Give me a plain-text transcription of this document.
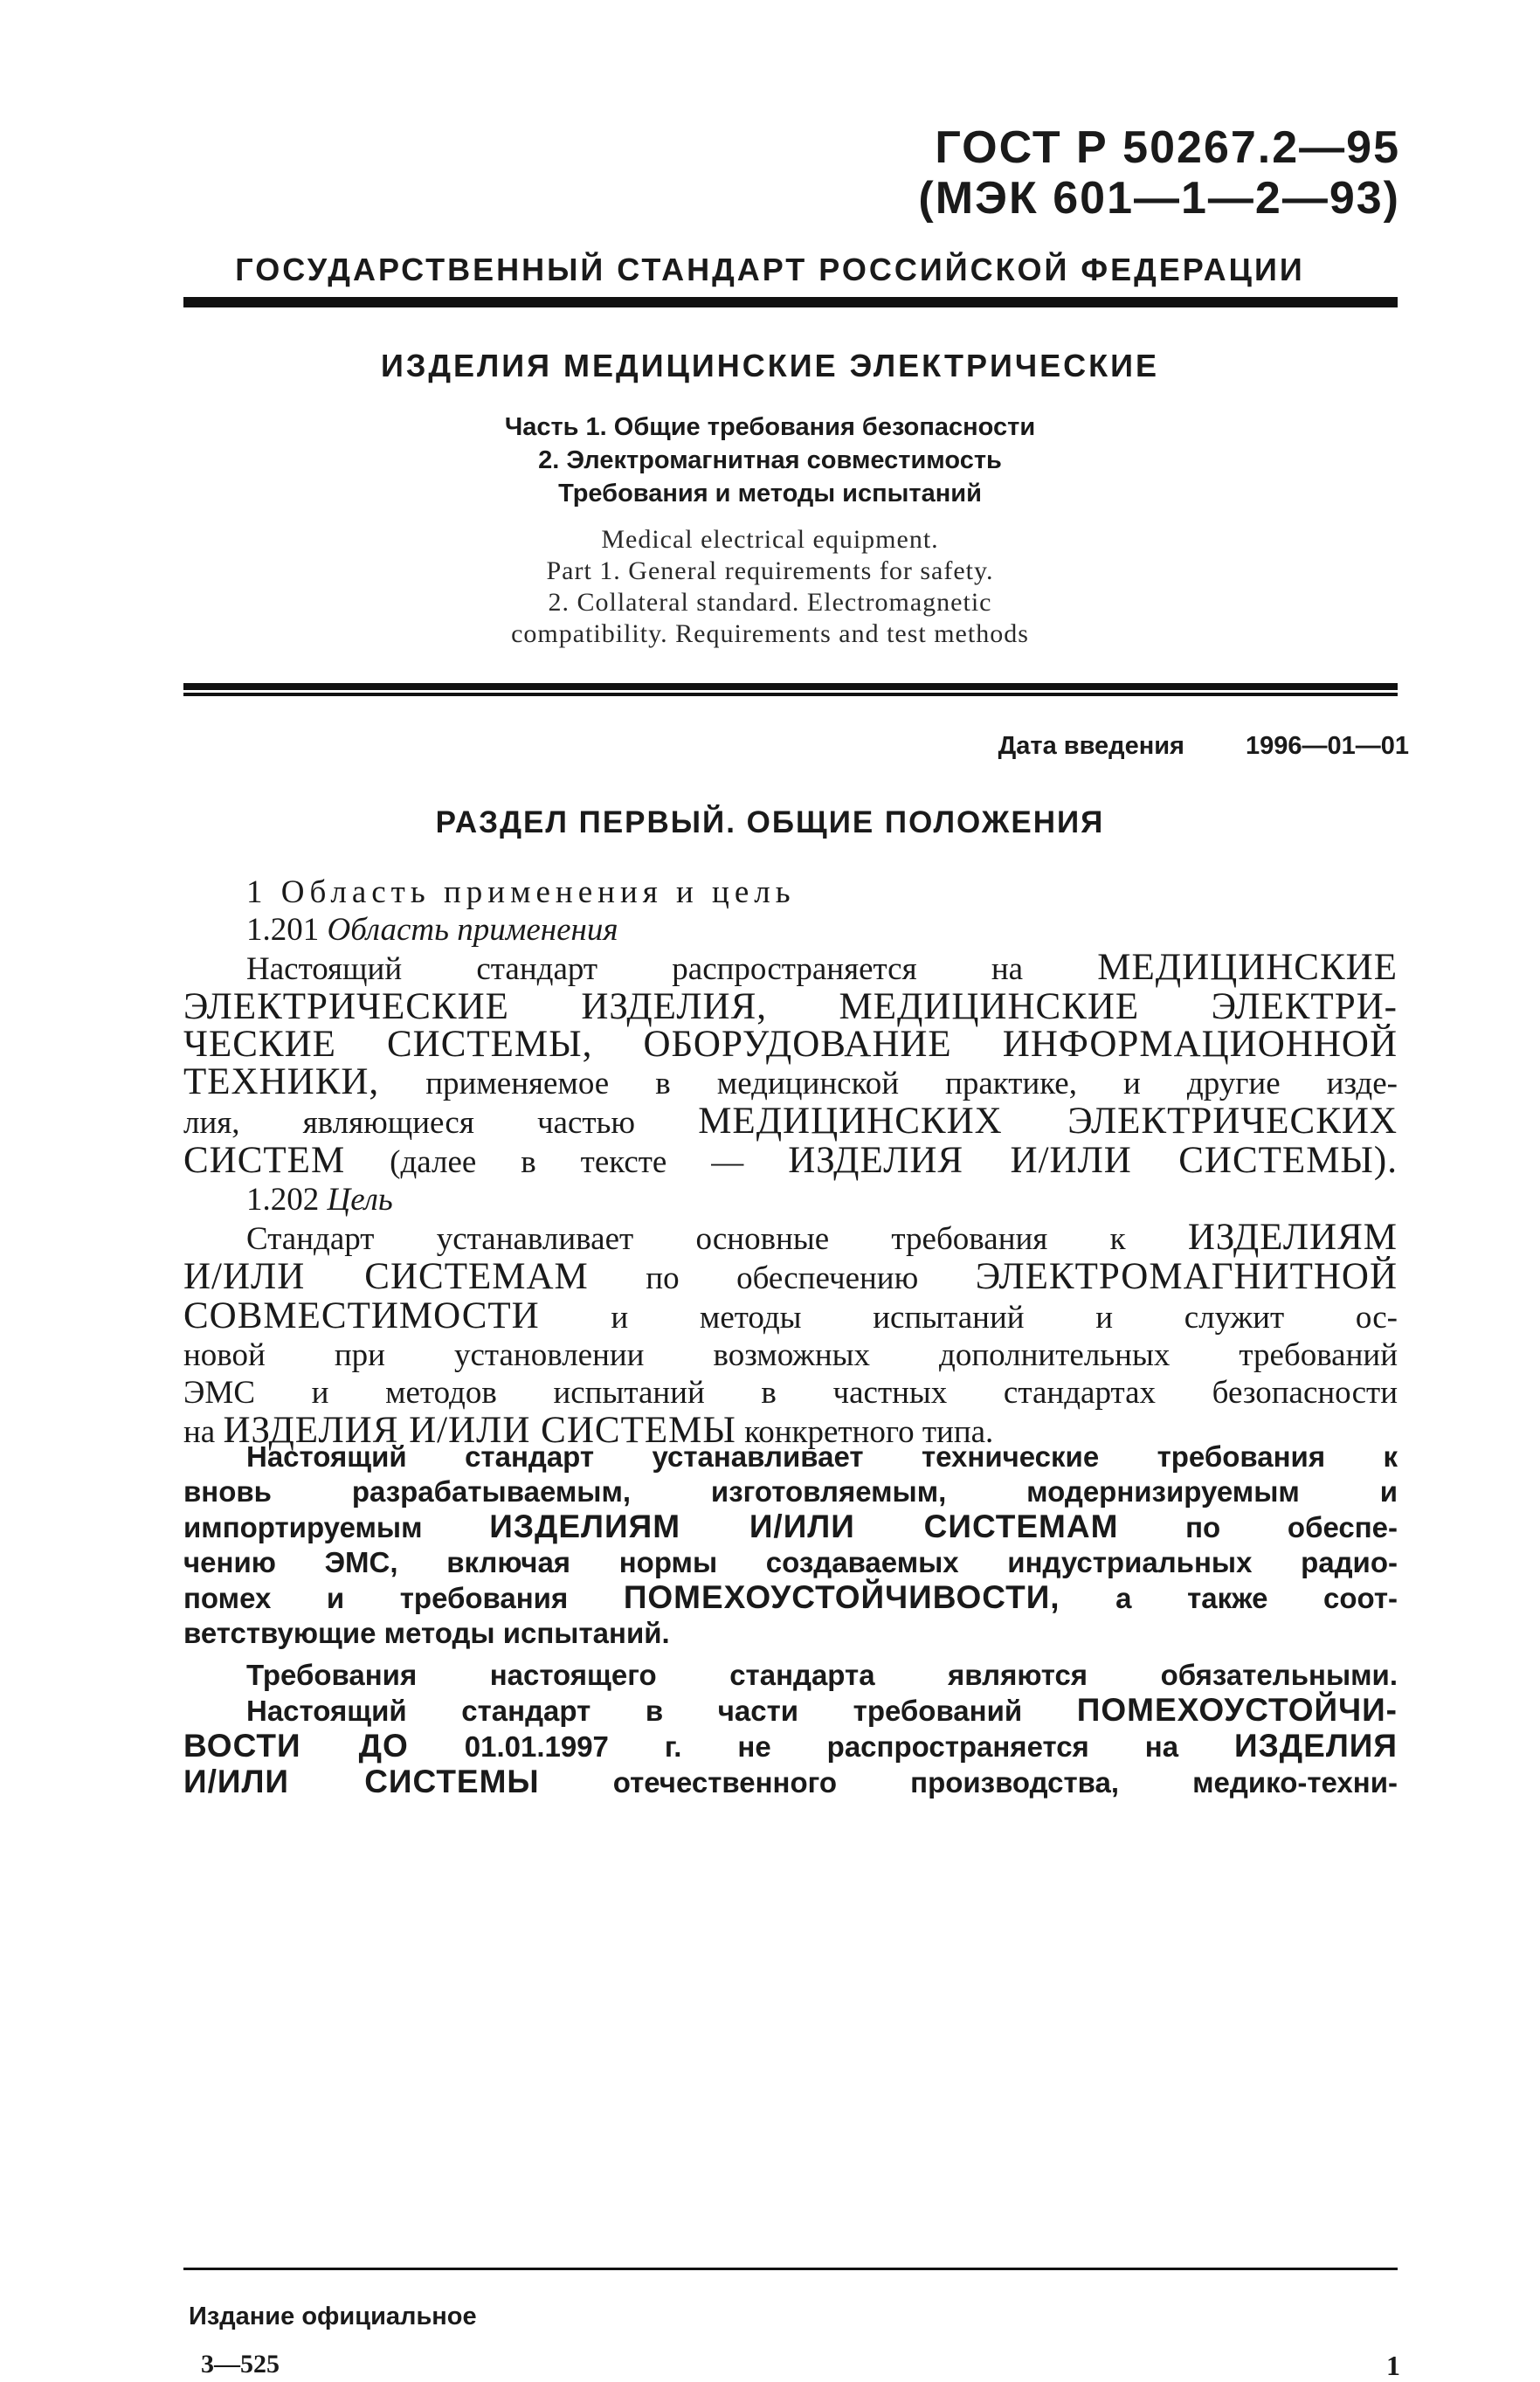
ГОСТ Р 50267.2—95
(МЭК 601—1—2—93)
ГОСУДАРСТВЕННЫЙ СТАНДАРТ РОССИЙСКОЙ ФЕДЕРАЦИИ
ИЗДЕЛИЯ МЕДИЦИНСКИЕ ЭЛЕКТРИЧЕСКИЕ
Часть 1. Общие требования безопасности
2. Электромагнитная совместимость
Требования и методы испытаний
Medical electrical equipment.
Part 1. General requirements for safety.
2. Collateral standard. Electromagnetic
compatibility. Requirements and test methods
Дата введения 1996—01—01
РАЗДЕЛ ПЕРВЫЙ. ОБЩИЕ ПОЛОЖЕНИЯ
1 Область применения и цель
1.201 Область применения
Настоящий стандарт распространяется на МЕДИЦИНСКИЕ
ЭЛЕКТРИЧЕСКИЕ ИЗДЕЛИЯ, МЕДИЦИНСКИЕ ЭЛЕКТРИ-
ЧЕСКИЕ СИСТЕМЫ, ОБОРУДОВАНИЕ ИНФОРМАЦИОННОЙ
ТЕХНИКИ, применяемое в медицинской практике, и другие изде-
лия, являющиеся частью МЕДИЦИНСКИХ ЭЛЕКТРИЧЕСКИХ
СИСТЕМ (далее в тексте — ИЗДЕЛИЯ И/ИЛИ СИСТЕМЫ).
1.202 Цель
Стандарт устанавливает основные требования к ИЗДЕЛИЯМ
И/ИЛИ СИСТЕМАМ по обеспечению ЭЛЕКТРОМАГНИТНОЙ
СОВМЕСТИМОСТИ и методы испытаний и служит ос-
новой при установлении возможных дополнительных требований
ЭМС и методов испытаний в частных стандартах безопасности
на ИЗДЕЛИЯ И/ИЛИ СИСТЕМЫ конкретного типа.
Настоящий стандарт устанавливает технические требования к
вновь разрабатываемым, изготовляемым, модернизируемым и
импортируемым ИЗДЕЛИЯМ И/ИЛИ СИСТЕМАМ по обеспе-
чению ЭМС, включая нормы создаваемых индустриальных радио-
помех и требования ПОМЕХОУСТОЙЧИВОСТИ, а также соот-
ветствующие методы испытаний.
Требования настоящего стандарта являются обязательными.
Настоящий стандарт в части требований ПОМЕХОУСТОЙЧИ-
ВОСТИ ДО 01.01.1997 г. не распространяется на ИЗДЕЛИЯ
И/ИЛИ СИСТЕМЫ	отечественного производства, медико-техни-
Издание официальное
3—525	1
